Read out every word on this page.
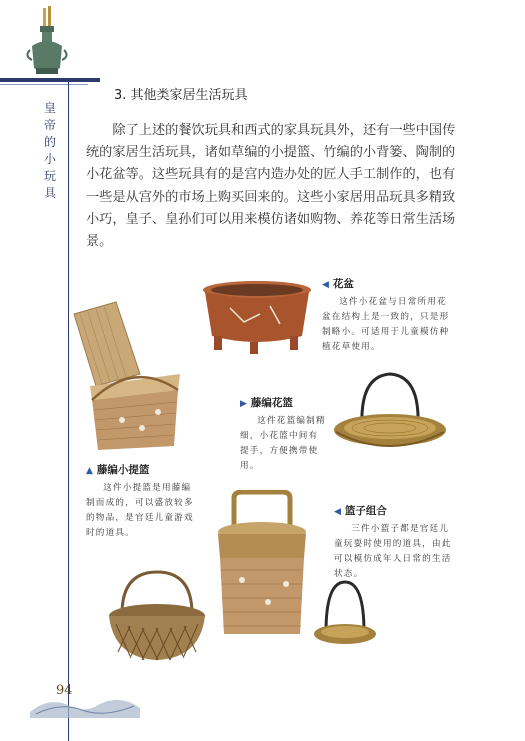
皇帝的小玩具
3. 其他类家居生活玩具

除了上述的餐饮玩具和西式的家具玩具外，还有一些中国传统的家居生活玩具，诸如草编的小提篮、竹编的小背篓、陶制的小花盆等。这些玩具有的是宫内造办处的匠人手工制作的，也有一些是从宫外的市场上购买回来的。这些小家居用品玩具多精致小巧，皇子、皇孙们可以用来模仿诸如购物、养花等日常生活场景。

◀ 花盆
这件小花盆与日常所用花盆在结构上是一致的，只是形制略小。可适用于儿童模仿种植花草使用。
▲ 藤编小提篮
这件小提篮是用藤编制而成的，可以盛放较多的物品，是官廷儿童游戏时的道具。
▶ 藤编花篮
这件花篮编制精细，小花篮中间有提手，方便携带使用。
◀ 篮子组合
三件小篮子都是官廷儿童玩耍时使用的道具，由此可以模仿成年人日常的生活状态。
94
